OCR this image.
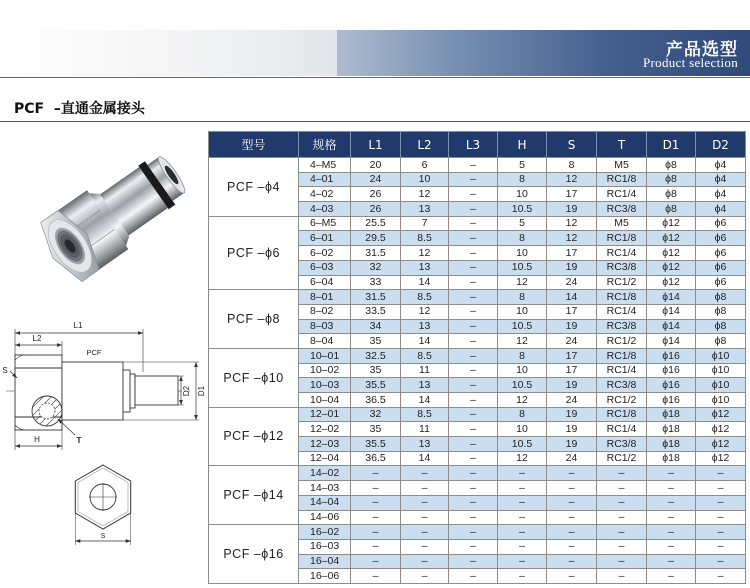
产品选型
Product selection
PCF  –直通金属接头
L1
L2
PCF
S
D2 D1
H	T
S
型号	规格	L1	L2	L3	H	S	T	D1	D2
PCF –ϕ4
4–M5	20	6	–	5	8	M5	ϕ8	ϕ4
4–01	24	10	–	8	12	RC1/8	ϕ8	ϕ4
4–02	26	12	–	10	17	RC1/4	ϕ8	ϕ4
4–03	26	13	–	10.5	19	RC3/8	ϕ8	ϕ4
PCF –ϕ6
6–M5	25.5	7	–	5	12	M5	ϕ12	ϕ6
6–01	29.5	8.5	–	8	12	RC1/8	ϕ12	ϕ6
6–02	31.5	12	–	10	17	RC1/4	ϕ12	ϕ6
6–03	32	13	–	10.5	19	RC3/8	ϕ12	ϕ6
6–04	33	14	–	12	24	RC1/2	ϕ12	ϕ6
PCF –ϕ8
8–01	31.5	8.5	–	8	14	RC1/8	ϕ14	ϕ8
8–02	33.5	12	–	10	17	RC1/4	ϕ14	ϕ8
8–03	34	13	–	10.5	19	RC3/8	ϕ14	ϕ8
8–04	35	14	–	12	24	RC1/2	ϕ14	ϕ8
PCF –ϕ10
10–01	32.5	8.5	–	8	17	RC1/8	ϕ16	ϕ10
10–02	35	11	–	10	17	RC1/4	ϕ16	ϕ10
10–03	35.5	13	–	10.5	19	RC3/8	ϕ16	ϕ10
10–04	36.5	14	–	12	24	RC1/2	ϕ16	ϕ10
PCF –ϕ12
12–01	32	8.5	–	8	19	RC1/8	ϕ18	ϕ12
12–02	35	11	–	10	19	RC1/4	ϕ18	ϕ12
12–03	35.5	13	–	10.5	19	RC3/8	ϕ18	ϕ12
12–04	36.5	14	–	12	24	RC1/2	ϕ18	ϕ12
PCF –ϕ14
14–02	–	–	–	–	–	–	–	–
14–03	–	–	–	–	–	–	–	–
14–04	–	–	–	–	–	–	–	–
14–06	–	–	–	–	–	–	–	–
PCF –ϕ16
16–02	–	–	–	–	–	–	–	–
16–03	–	–	–	–	–	–	–	–
16–04	–	–	–	–	–	–	–	–
16–06	–	–	–	–	–	–	–	–
